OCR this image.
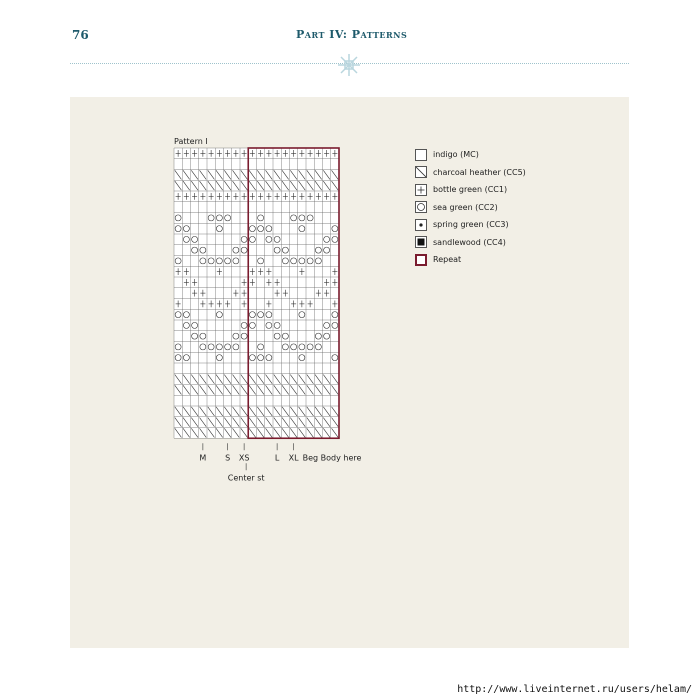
76	Part IV: Patterns
Pattern I
M S XS	L XL Beg Body here
Center st
indigo (MC)
charcoal heather (CC5)
bottle green (CC1)
sea green (CC2)
spring green (CC3)
sandlewood (CC4)
Repeat
http://www.liveinternet.ru/users/helam/
